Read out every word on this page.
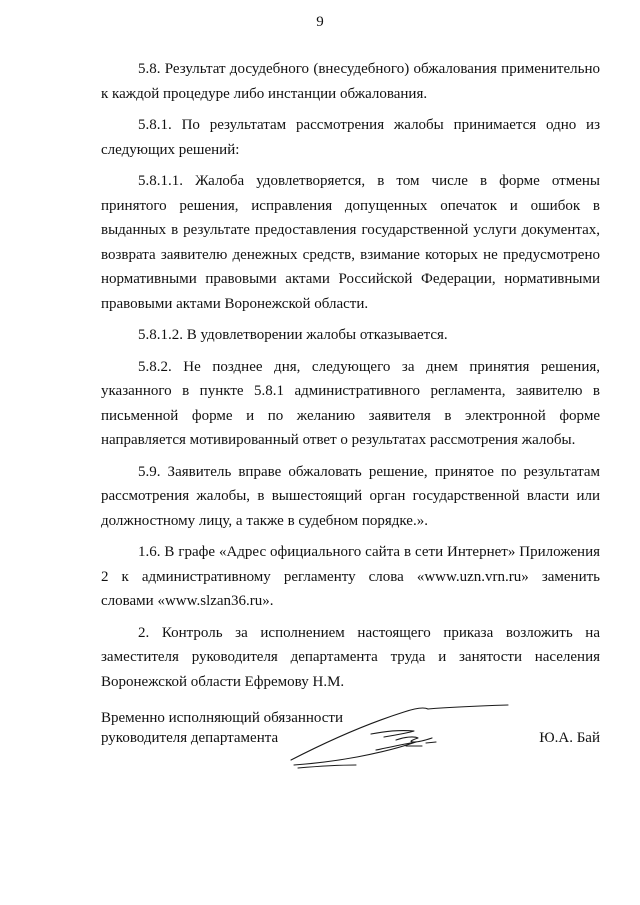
9

5.8. Результат досудебного (внесудебного) обжалования применительно к каждой процедуре либо инстанции обжалования.

5.8.1. По результатам рассмотрения жалобы принимается одно из следующих решений:

5.8.1.1. Жалоба удовлетворяется, в том числе в форме отмены принятого решения, исправления допущенных опечаток и ошибок в выданных в результате предоставления государственной услуги документах, возврата заявителю денежных средств, взимание которых не предусмотрено нормативными правовыми актами Российской Федерации, нормативными правовыми актами Воронежской области.

5.8.1.2. В удовлетворении жалобы отказывается.

5.8.2. Не позднее дня, следующего за днем принятия решения, указанного в пункте 5.8.1 административного регламента, заявителю в письменной форме и по желанию заявителя в электронной форме направляется мотивированный ответ о результатах рассмотрения жалобы.

5.9. Заявитель вправе обжаловать решение, принятое по результатам рассмотрения жалобы, в вышестоящий орган государственной власти или должностному лицу, а также в судебном порядке.».

1.6. В графе «Адрес официального сайта в сети Интернет» Приложения 2 к административному регламенту слова «www.uzn.vrn.ru» заменить словами «www.slzan36.ru».

2. Контроль за исполнением настоящего приказа возложить на заместителя руководителя департамента труда и занятости населения Воронежской области Ефремову Н.М.

Временно исполняющий обязанности
руководителя департамента	Ю.А. Бай
